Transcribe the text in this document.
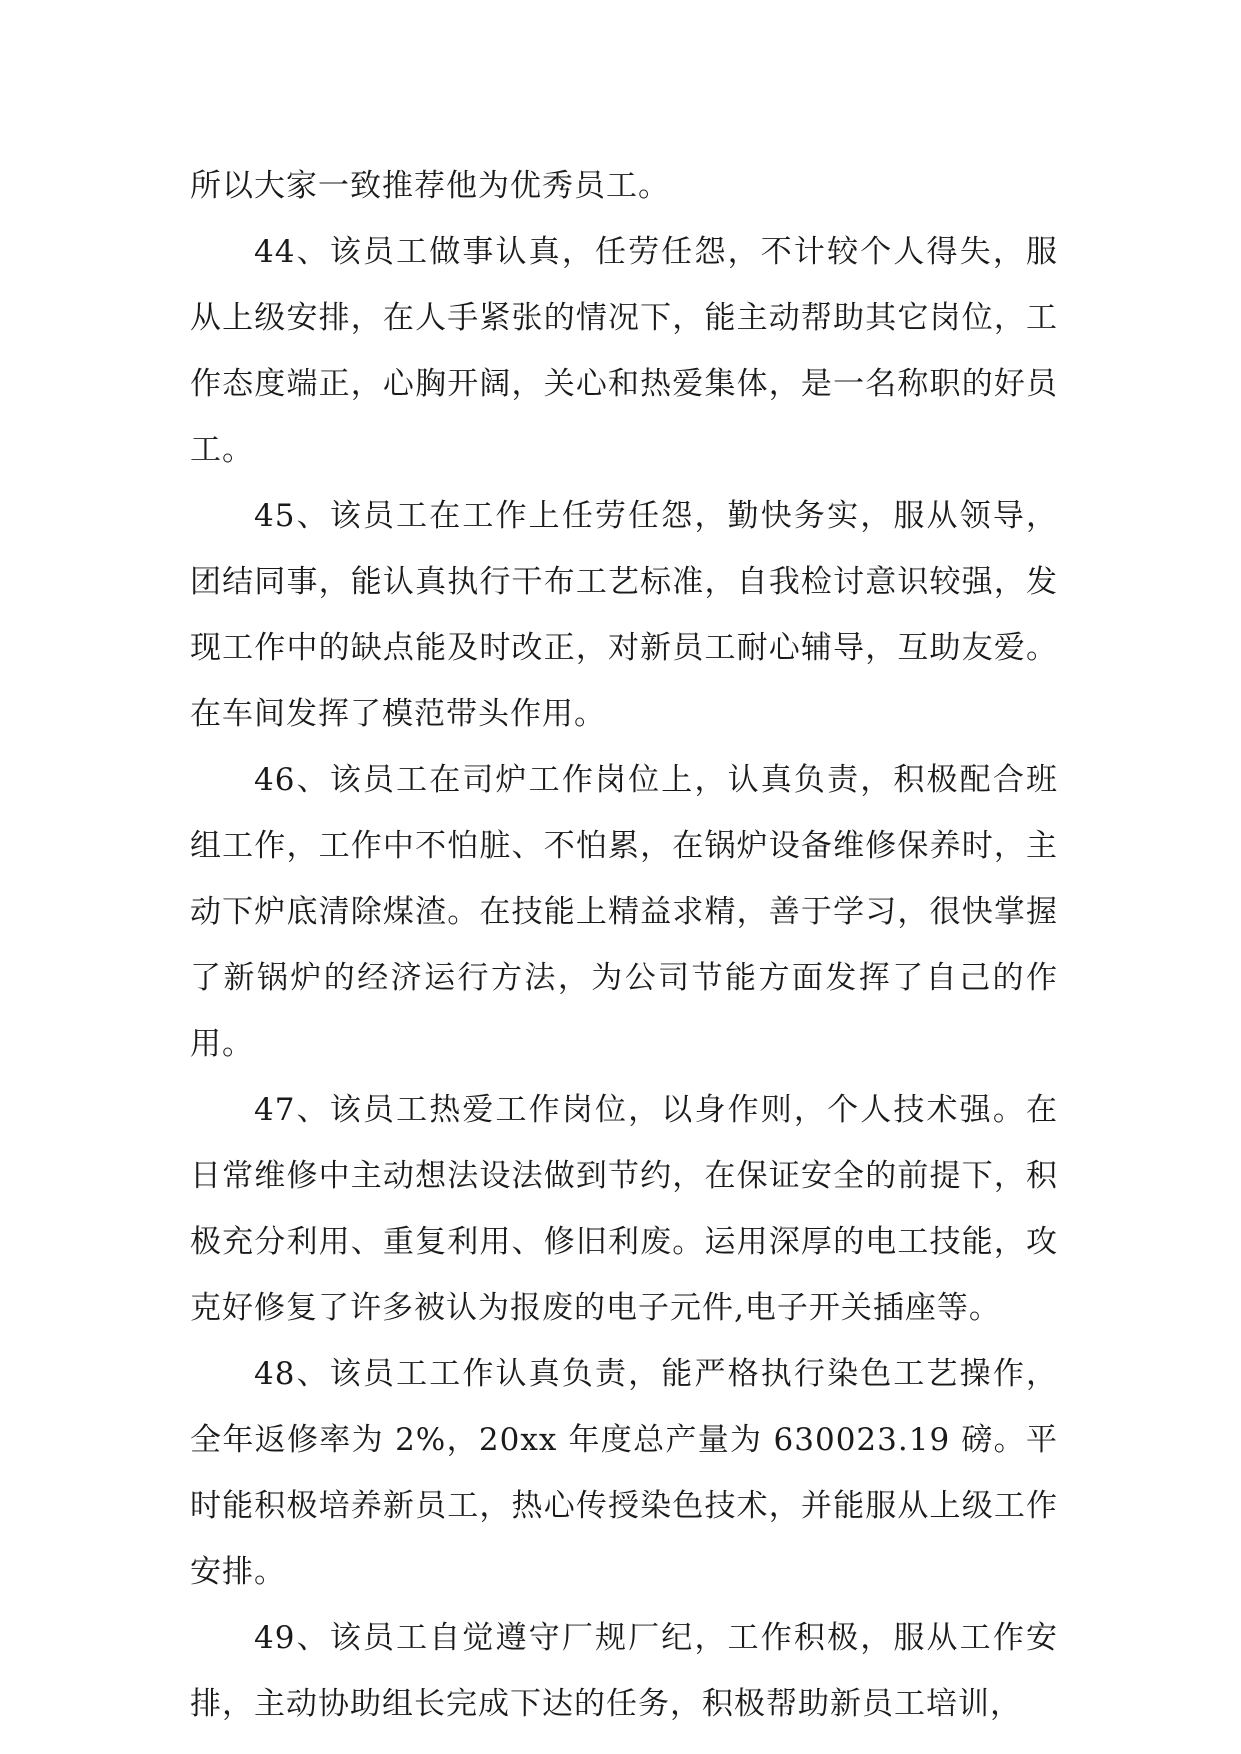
所以大家一致推荐他为优秀员工。

44、该员工做事认真，任劳任怨，不计较个人得失，服从上级安排，在人手紧张的情况下，能主动帮助其它岗位，工作态度端正，心胸开阔，关心和热爱集体，是一名称职的好员工。

45、该员工在工作上任劳任怨，勤快务实，服从领导，团结同事，能认真执行干布工艺标准，自我检讨意识较强，发现工作中的缺点能及时改正，对新员工耐心辅导，互助友爱。在车间发挥了模范带头作用。

46、该员工在司炉工作岗位上，认真负责，积极配合班组工作，工作中不怕脏、不怕累，在锅炉设备维修保养时，主动下炉底清除煤渣。在技能上精益求精，善于学习，很快掌握了新锅炉的经济运行方法，为公司节能方面发挥了自己的作用。

47、该员工热爱工作岗位，以身作则，个人技术强。在日常维修中主动想法设法做到节约，在保证安全的前提下，积极充分利用、重复利用、修旧利废。运用深厚的电工技能，攻克好修复了许多被认为报废的电子元件,电子开关插座等。

48、该员工工作认真负责，能严格执行染色工艺操作，全年返修率为 2%，20xx 年度总产量为 630023.19 磅。平时能积极培养新员工，热心传授染色技术，并能服从上级工作安排。

49、该员工自觉遵守厂规厂纪，工作积极，服从工作安排，主动协助组长完成下达的任务，积极帮助新员工培训，
